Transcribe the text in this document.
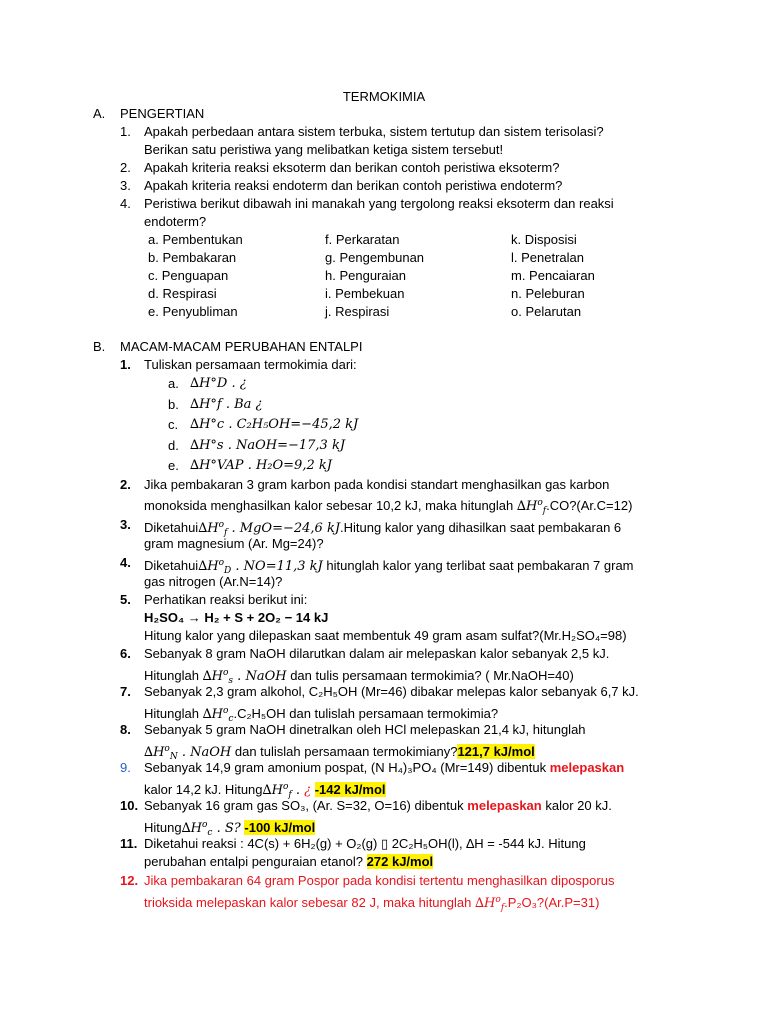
TERMOKIMIA
A. PENGERTIAN
1. Apakah perbedaan antara sistem terbuka, sistem tertutup dan sistem terisolasi?
Berikan satu peristiwa yang melibatkan ketiga sistem tersebut!
2. Apakah kriteria reaksi eksoterm dan berikan contoh peristiwa eksoterm?
3. Apakah kriteria reaksi endoterm dan berikan contoh peristiwa endoterm?
4. Peristiwa berikut dibawah ini manakah yang tergolong reaksi eksoterm dan reaksi
endoterm?
a. Pembentukan	f. Perkaratan	k. Disposisi
b. Pembakaran	g. Pengembunan	l. Penetralan
c. Penguapan	h. Penguraian	m. Pencaiaran
d. Respirasi	i. Pembekuan	n. Peleburan
e. Penyubliman	j. Respirasi	o. Pelarutan
B. MACAM-MACAM PERUBAHAN ENTALPI
1. Tuliskan persamaan termokimia dari:
a. ∆H°D . ¿
b. ∆H°f . Ba ¿
c. ∆H°c . C₂H₅OH=−45,2 kJ
d. ∆H°s . NaOH=−17,3 kJ
e. ∆H°VAP . H₂O=9,2 kJ
2. Jika pembakaran 3 gram karbon pada kondisi standart menghasilkan gas karbon
monoksida menghasilkan kalor sebesar 10,2 kJ, maka hitunglah $\Delta H^o_f.CO?(Ar.C=12)$
3. $Diketahui\Delta H^o_f$ . MgO=−24,6 kJ.Hitung kalor yang dihasilkan saat pembakaran 6
gram magnesium (Ar. Mg=24)?
4. $Diketahui\Delta H^o_D$ . NO=11,3 kJ hitunglah kalor yang terlibat saat pembakaran 7 gram
gas nitrogen (Ar.N=14)?
5. Perhatikan reaksi berikut ini:
H₂SO₄ → H₂ + S + 2O₂ − 14 kJ
Hitung kalor yang dilepaskan saat membentuk 49 gram asam sulfat?(Mr.H₂SO₄=98)
6. Sebanyak 8 gram NaOH dilarutkan dalam air melepaskan kalor sebanyak 2,5 kJ.
Hitunglah $\Delta H^o_s$ . NaOH dan tulis persamaan termokimia? ( Mr.NaOH=40)
7. Sebanyak 2,3 gram alkohol, C₂H₅OH (Mr=46) dibakar melepas kalor sebanyak 6,7 kJ.
Hitunglah $\Delta H^o_c.C_2H_5OH$ dan tulislah persamaan termokimia?
8. Sebanyak 5 gram NaOH dinetralkan oleh HCl melepaskan 21,4 kJ, hitunglah
$\Delta H^o_N$ . NaOH dan tulislah persamaan termokimiany?121,7 kJ/mol
9. Sebanyak 14,9 gram amonium pospat, (N H₄)₃PO₄ (Mr=149) dibentuk melepaskan
kalor 14,2 kJ. $Hitung\Delta H^o_f$ . ¿ -142 kJ/mol
10. Sebanyak 16 gram gas SO₃, (Ar. S=32, O=16) dibentuk melepaskan kalor 20 kJ.
$Hitung\Delta H^o_c$ . S? -100 kJ/mol
11. Diketahui reaksi : 4C(s) + 6H₂(g) + O₂(g) ▯ 2C₂H₅OH(l), ∆H = -544 kJ. Hitung
perubahan entalpi penguraian etanol? 272 kJ/mol
12. Jika pembakaran 64 gram Pospor pada kondisi tertentu menghasilkan diposporus
trioksida melepaskan kalor sebesar 82 J, maka hitunglah $\Delta H^o_f.P_2O_3?(Ar.P=31)$
